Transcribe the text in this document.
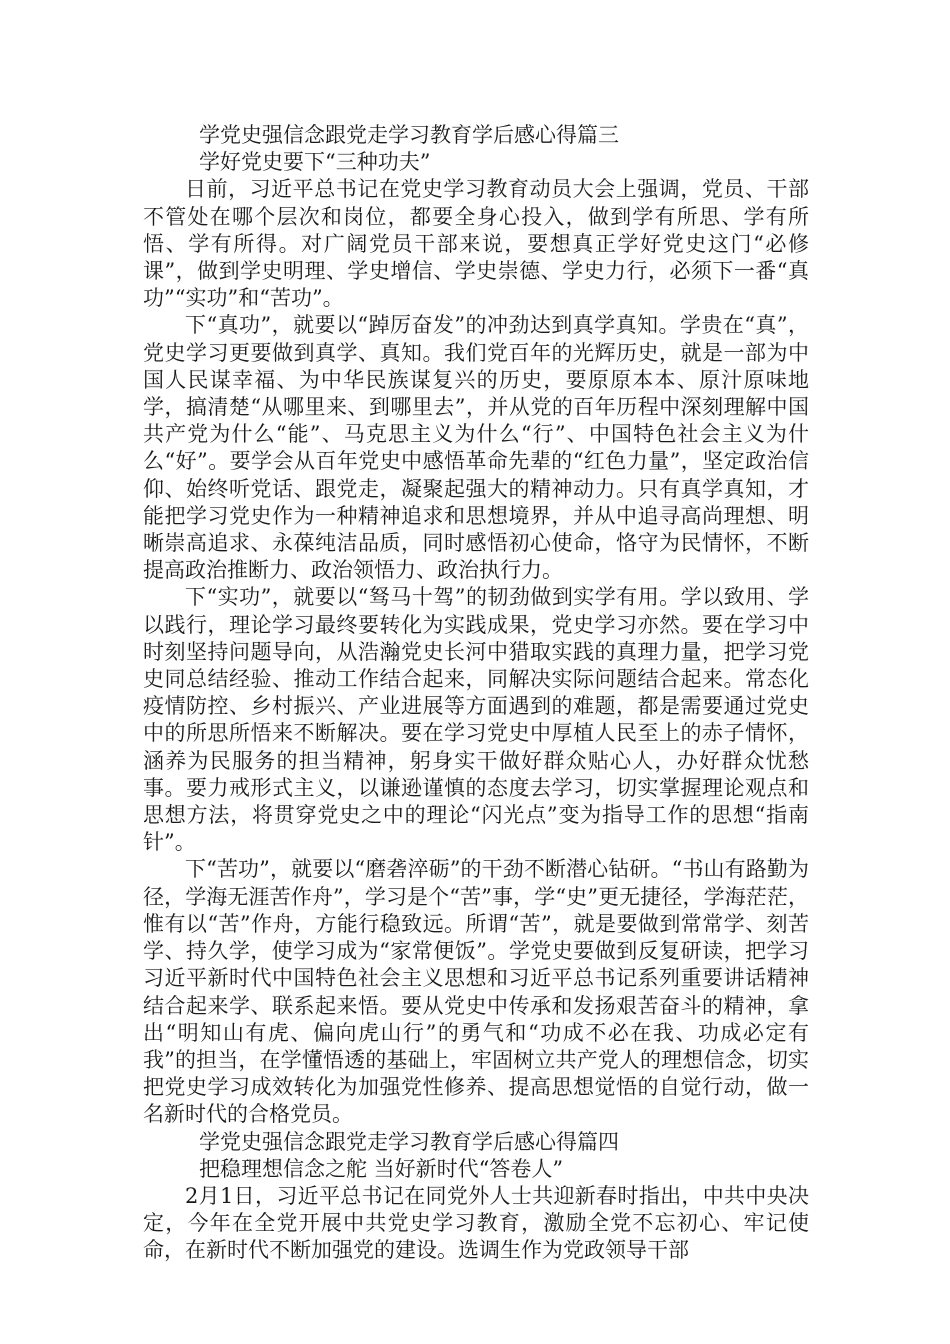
学党史强信念跟党走学习教育学后感心得篇三

学好党史要下“三种功夫”

日前，习近平总书记在党史学习教育动员大会上强调，党员、干部不管处在哪个层次和岗位，都要全身心投入，做到学有所思、学有所悟、学有所得。对广阔党员干部来说，要想真正学好党史这门“必修课”，做到学史明理、学史增信、学史崇德、学史力行，必须下一番“真功”“实功”和“苦功”。

下“真功”，就要以“踔厉奋发”的冲劲达到真学真知。学贵在“真”，党史学习更要做到真学、真知。我们党百年的光辉历史，就是一部为中国人民谋幸福、为中华民族谋复兴的历史，要原原本本、原汁原味地学，搞清楚“从哪里来、到哪里去”，并从党的百年历程中深刻理解中国共产党为什么“能”、马克思主义为什么“行”、中国特色社会主义为什么“好”。要学会从百年党史中感悟革命先辈的“红色力量”，坚定政治信仰、始终听党话、跟党走，凝聚起强大的精神动力。只有真学真知，才能把学习党史作为一种精神追求和思想境界，并从中追寻高尚理想、明晰崇高追求、永葆纯洁品质，同时感悟初心使命，恪守为民情怀，不断提高政治推断力、政治领悟力、政治执行力。

下“实功”，就要以“驽马十驾”的韧劲做到实学有用。学以致用、学以践行，理论学习最终要转化为实践成果，党史学习亦然。要在学习中时刻坚持问题导向，从浩瀚党史长河中猎取实践的真理力量，把学习党史同总结经验、推动工作结合起来，同解决实际问题结合起来。常态化疫情防控、乡村振兴、产业进展等方面遇到的难题，都是需要通过党史中的所思所悟来不断解决。要在学习党史中厚植人民至上的赤子情怀，涵养为民服务的担当精神，躬身实干做好群众贴心人，办好群众忧愁事。要力戒形式主义，以谦逊谨慎的态度去学习，切实掌握理论观点和思想方法，将贯穿党史之中的理论“闪光点”变为指导工作的思想“指南针”。

下“苦功”，就要以“磨砻淬砺”的干劲不断潜心钻研。“书山有路勤为径，学海无涯苦作舟”，学习是个“苦”事，学“史”更无捷径，学海茫茫，惟有以“苦”作舟，方能行稳致远。所谓“苦”，就是要做到常常学、刻苦学、持久学，使学习成为“家常便饭”。学党史要做到反复研读，把学习习近平新时代中国特色社会主义思想和习近平总书记系列重要讲话精神结合起来学、联系起来悟。要从党史中传承和发扬艰苦奋斗的精神，拿出“明知山有虎、偏向虎山行”的勇气和“功成不必在我、功成必定有我”的担当，在学懂悟透的基础上，牢固树立共产党人的理想信念，切实把党史学习成效转化为加强党性修养、提高思想觉悟的自觉行动，做一名新时代的合格党员。

学党史强信念跟党走学习教育学后感心得篇四

把稳理想信念之舵 当好新时代“答卷人”

2月1日，习近平总书记在同党外人士共迎新春时指出，中共中央决定，今年在全党开展中共党史学习教育，激励全党不忘初心、牢记使命，在新时代不断加强党的建设。选调生作为党政领导干部
